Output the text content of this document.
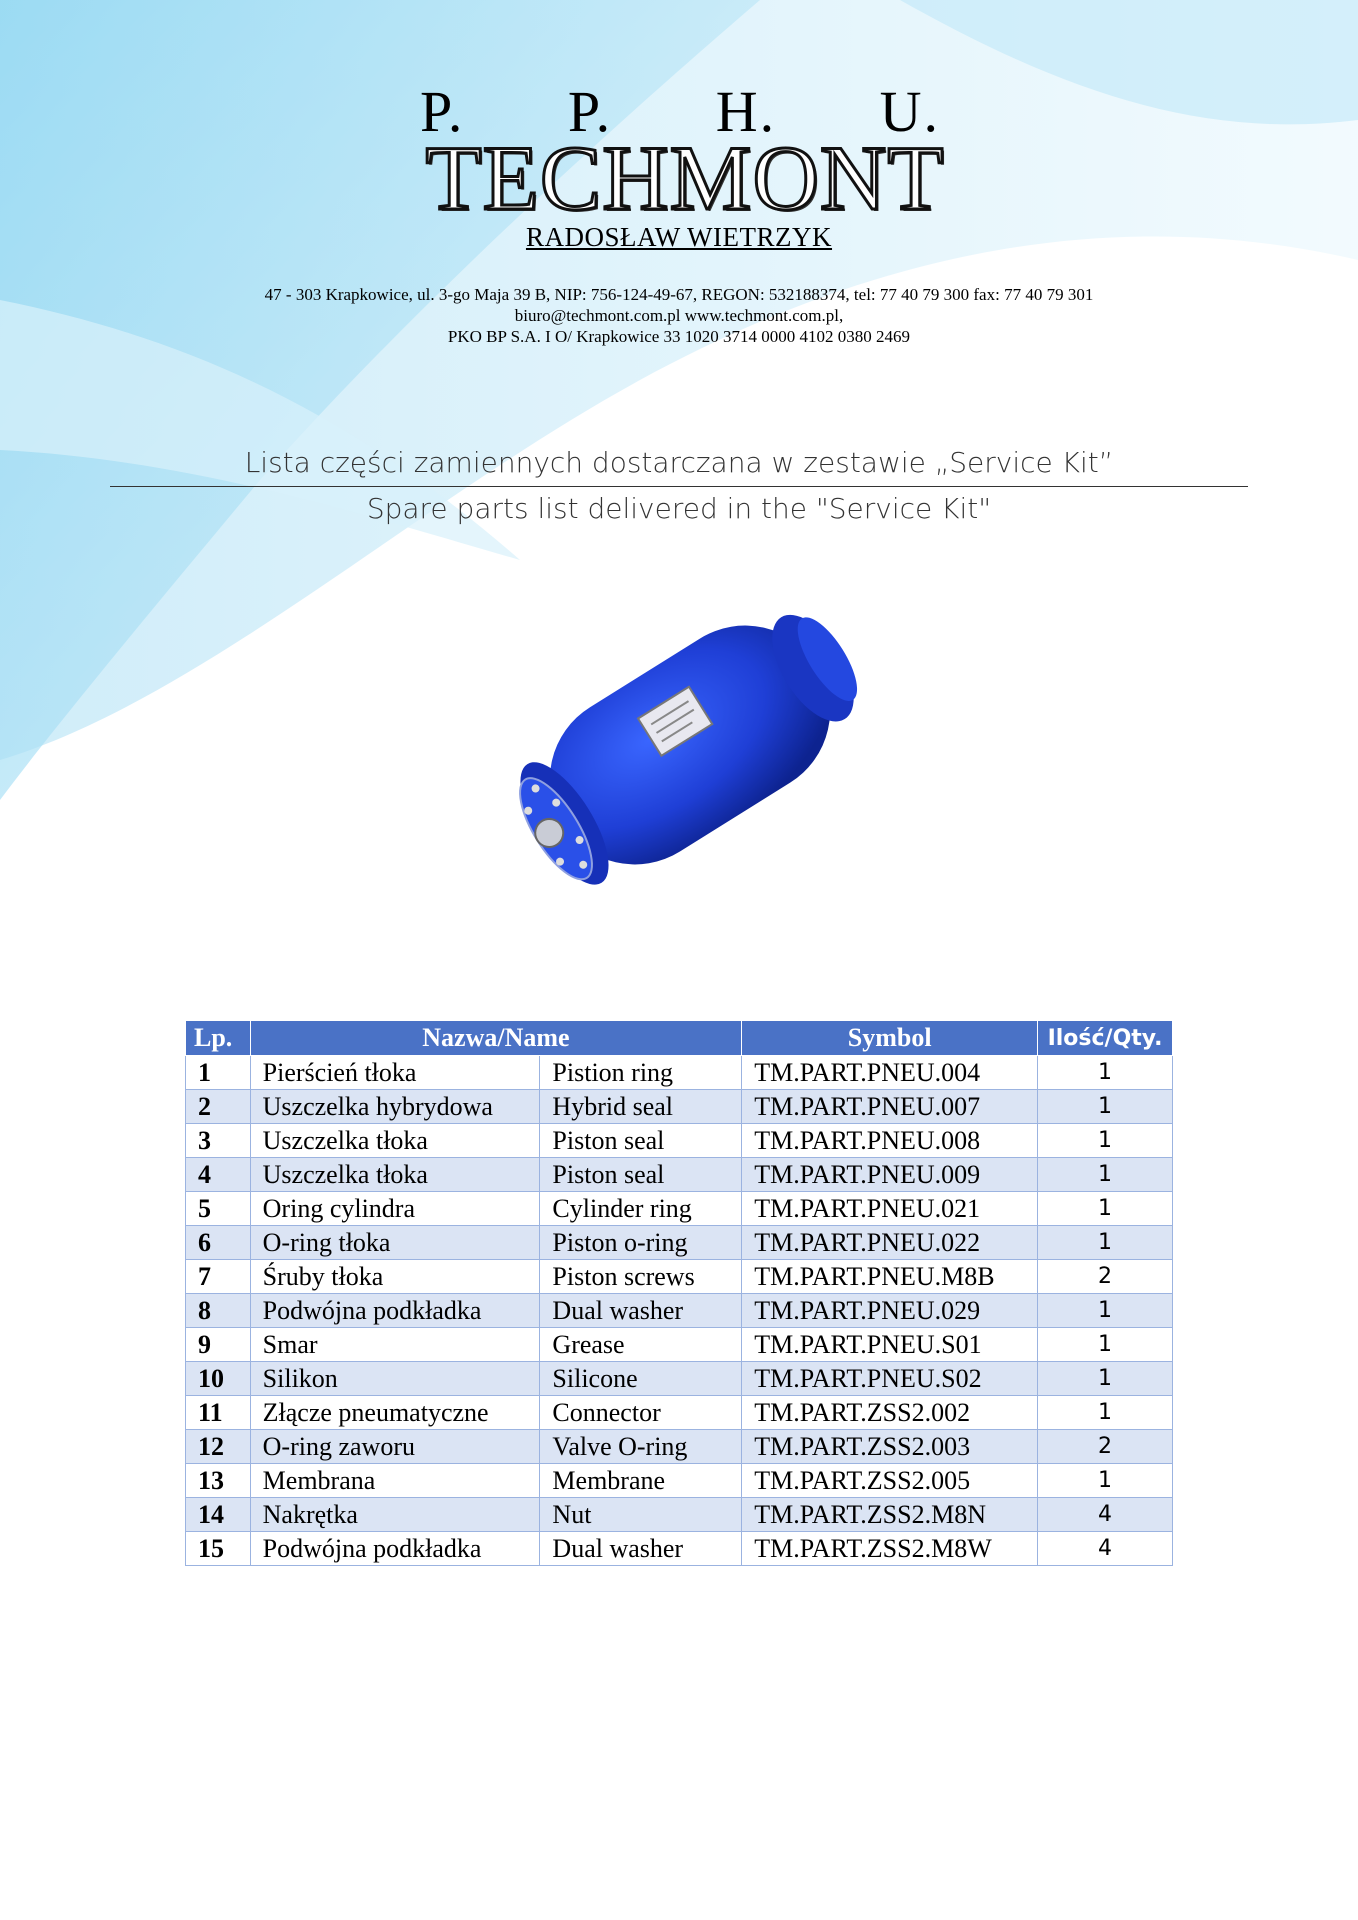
P. P. H. U.
TECHMONT
RADOSŁAW WIETRZYK
47 - 303 Krapkowice, ul. 3-go Maja 39 B, NIP: 756-124-49-67, REGON: 532188374, tel: 77 40 79 300 fax: 77 40 79 301
biuro@techmont.com.pl www.techmont.com.pl,
PKO BP S.A. I O/ Krapkowice 33 1020 3714 0000 4102 0380 2469
Lista części zamiennych dostarczana w zestawie „Service Kit”
Spare parts list delivered in the "Service Kit"
Lp.	Nazwa/Name		Symbol	Ilość/Qty.
1	Pierścień tłoka	Pistion ring	TM.PART.PNEU.004	1
2	Uszczelka hybrydowa	Hybrid seal	TM.PART.PNEU.007	1
3	Uszczelka tłoka	Piston seal	TM.PART.PNEU.008	1
4	Uszczelka tłoka	Piston seal	TM.PART.PNEU.009	1
5	Oring cylindra	Cylinder ring	TM.PART.PNEU.021	1
6	O-ring tłoka	Piston o-ring	TM.PART.PNEU.022	1
7	Śruby tłoka	Piston screws	TM.PART.PNEU.M8B	2
8	Podwójna podkładka	Dual washer	TM.PART.PNEU.029	1
9	Smar	Grease	TM.PART.PNEU.S01	1
10	Silikon	Silicone	TM.PART.PNEU.S02	1
11	Złącze pneumatyczne	Connector	TM.PART.ZSS2.002	1
12	O-ring zaworu	Valve O-ring	TM.PART.ZSS2.003	2
13	Membrana	Membrane	TM.PART.ZSS2.005	1
14	Nakrętka	Nut	TM.PART.ZSS2.M8N	4
15	Podwójna podkładka	Dual washer	TM.PART.ZSS2.M8W	4
